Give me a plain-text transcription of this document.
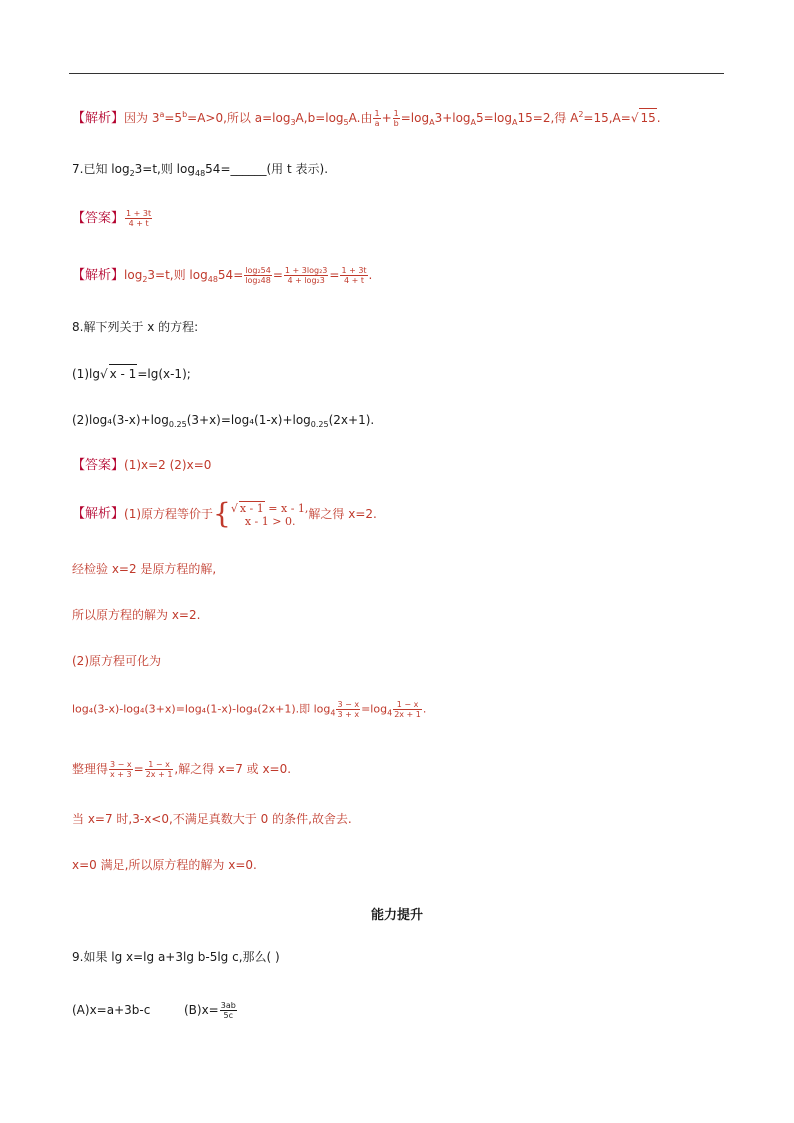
【解析】因为 $3^a=5^b=A>0$,所以 $a=\log_3A,b=\log_5A$.由 $\frac{1}{a} + \frac{1}{b} =\log_A3+\log_A5=\log_A15=2$,得 $A^2=15,A=√$ 15.
7.已知 $\log_23=t$,则 $\log_{48}54=\_\_\_\_\_\_$(用 t 表示).
【答案】 $\frac{1 + 3t}{4 + t}$
【解析】$\log_23=t$,则 $\log_{48}54= \frac{\text{log₂54}}{\text{log₂48}} = \frac{\text{1 + 3log₂3}}{\text{4 + log₂3}} = \frac{1 + 3t}{4 + t}$ .
8.解下列关于 x 的方程:
(1)lg√ x - 1=lg(x-1);
$(2)\log_4(3-x)+\log_{0.25}(3+x)=\log_4(1-x)+\log_{0.25}(2x+1)$.
【答案】(1)x=2 (2)x=0
【解析】(1)原方程等价于{ √ x - 1 = x - 1,
x - 1 > 0.
解之得 x=2.
经检验 x=2 是原方程的解,
所以原方程的解为 x=2.
(2)原方程可化为
log₄(3-x)-log₄(3+x)=log₄(1-x)-log₄(2x+1).即 $\log_4 \frac{3 - x}{3 + x} =\log_4 \frac{1 - x}{2x + 1}$ .
整理得 $\frac{3 - x}{x + 3} = \frac{1 - x}{2x + 1}$ ,解之得 x=7 或 x=0.
当 x=7 时,3-x<0,不满足真数大于 0 的条件,故舍去.
x=0 满足,所以原方程的解为 x=0.
能力提升
9.如果 lg x=lg a+3lg b-5lg c,那么( )
(A)x=a+3b-c	$(B)x= \frac{3ab}{5c}$
